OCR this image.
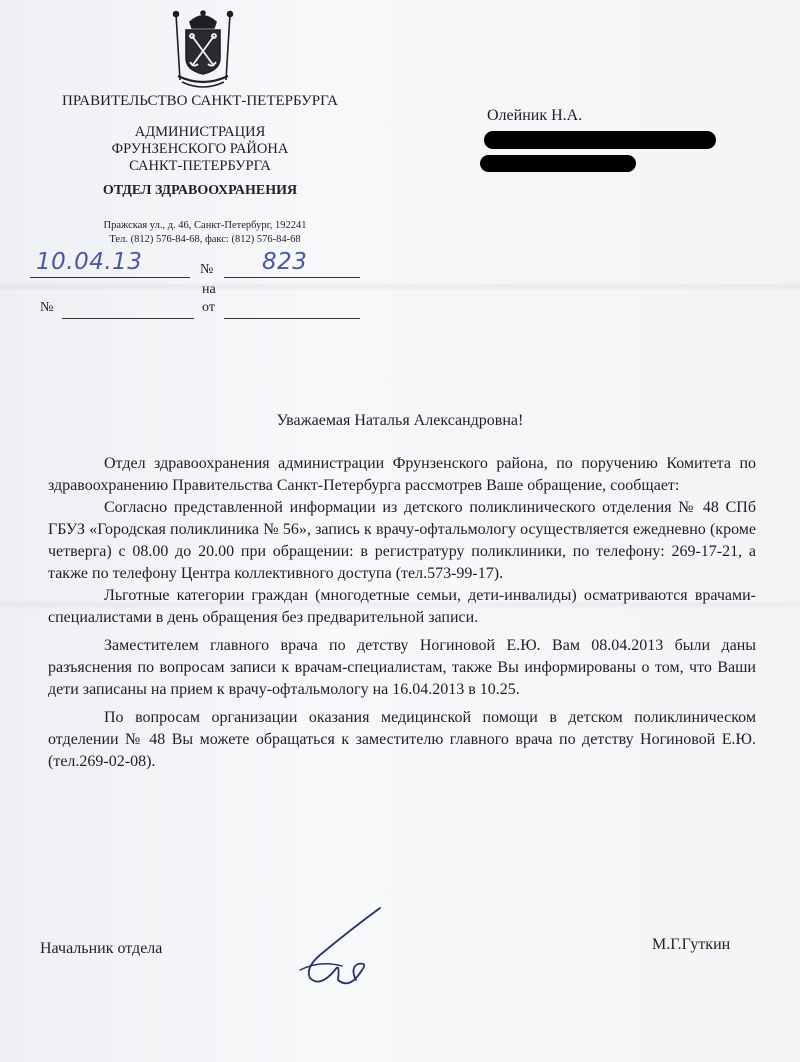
ПРАВИТЕЛЬСТВО САНКТ-ПЕТЕРБУРГА
АДМИНИСТРАЦИЯ
ФРУНЗЕНСКОГО РАЙОНА
САНКТ-ПЕТЕРБУРГА
ОТДЕЛ ЗДРАВООХРАНЕНИЯ
Пражская ул., д. 46, Санкт-Петербург, 192241
Тел. (812) 576-84-68, факс: (812) 576-84-68
10.04.13	№ 823
на
№	от
Олейник Н.А.
Уважаемая Наталья Александровна!

Отдел здравоохранения администрации Фрунзенского района, по поручению Комитета по здравоохранению Правительства Санкт-Петербурга рассмотрев Ваше обращение, сообщает:

Согласно представленной информации из детского поликлинического отделения № 48 СПб ГБУЗ «Городская поликлиника № 56», запись к врачу-офтальмологу осуществляется ежедневно (кроме четверга) с 08.00 до 20.00 при обращении: в регистратуру поликлиники, по телефону: 269-17-21, а также по телефону Центра коллективного доступа (тел.573-99-17).

Льготные категории граждан (многодетные семьи, дети-инвалиды) осматриваются врачами-специалистами в день обращения без предварительной записи.

Заместителем главного врача по детству Ногиновой Е.Ю. Вам 08.04.2013 были даны разъяснения по вопросам записи к врачам-специалистам, также Вы информированы о том, что Ваши дети записаны на прием к врачу-офтальмологу на 16.04.2013 в 10.25.

По вопросам организации оказания медицинской помощи в детском поликлиническом отделении № 48 Вы можете обращаться к заместителю главного врача по детству Ногиновой Е.Ю. (тел.269-02-08).

Начальник отдела	М.Г.Гуткин
